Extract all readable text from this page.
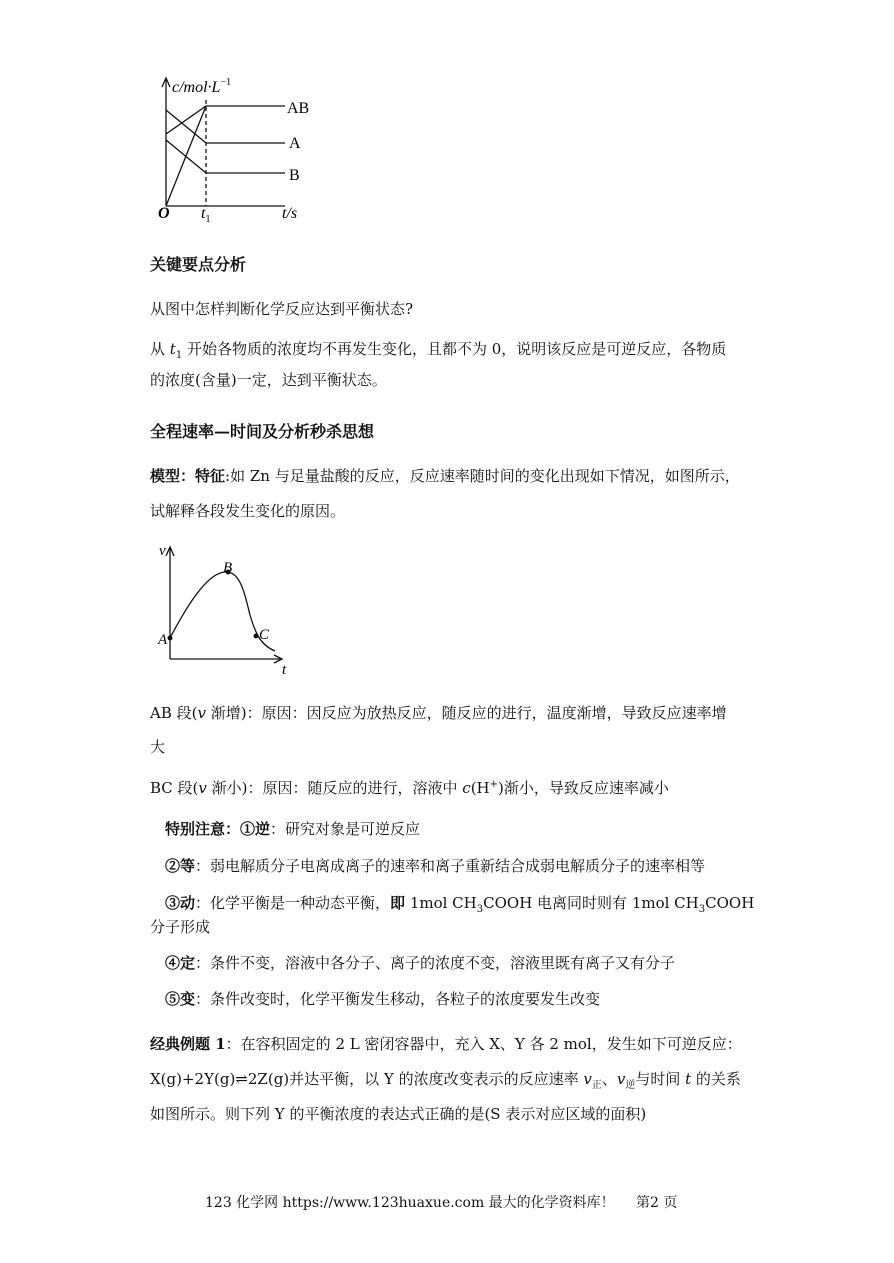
$c/mol\cdot L^{-1}$
AB
A
B
O $t_1$	t/s
关键要点分析
从图中怎样判断化学反应达到平衡状态?
从 $t_1$ 开始各物质的浓度均不再发生变化，且都不为 0，说明该反应是可逆反应，各物质
的浓度(含量)一定，达到平衡状态。
全程速率—时间及分析秒杀思想
模型：特征:如 Zn 与足量盐酸的反应，反应速率随时间的变化出现如下情况，如图所示，
试解释各段发生变化的原因。
v
t
A
B
C
AB 段(v 渐增)：原因：因反应为放热反应，随反应的进行，温度渐增，导致反应速率增
大
BC 段(v 渐小)：原因：随反应的进行，溶液中 c(H+)渐小，导致反应速率减小
特别注意：①逆：研究对象是可逆反应
②等：弱电解质分子电离成离子的速率和离子重新结合成弱电解质分子的速率相等
③动：化学平衡是一种动态平衡，即 1mol $CH_3COOH$ 电离同时则有 1mol $CH_3COOH$
分子形成
④定：条件不变，溶液中各分子、离子的浓度不变，溶液里既有离子又有分子
⑤变：条件改变时，化学平衡发生移动，各粒子的浓度要发生改变
经典例题 1：在容积固定的 2 L 密闭容器中，充入 X、Y 各 2 mol，发生如下可逆反应：
X(g)+2Y(g)⇌2Z(g)并达平衡，以 Y 的浓度改变表示的反应速率 $v_正$、$v_逆$与时间 t 的关系
如图所示。则下列 Y 的平衡浓度的表达式正确的是(S 表示对应区域的面积)
123 化学网 https://www.123huaxue.com 最大的化学资料库！ 第2 页
